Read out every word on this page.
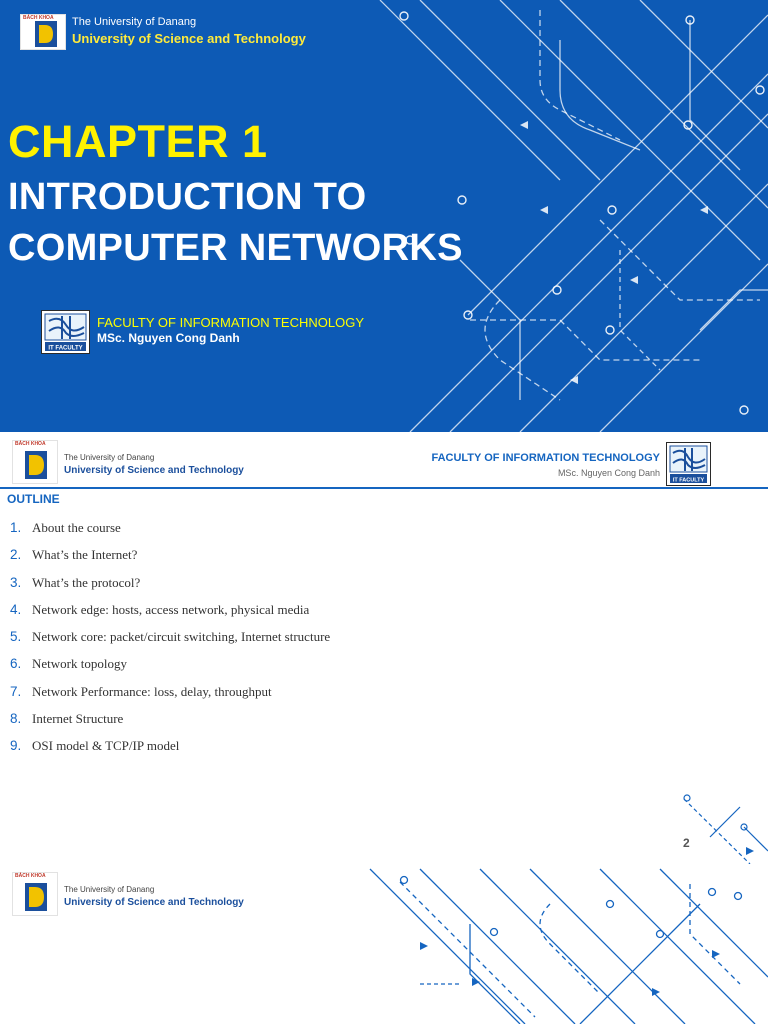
BÁCH KHOA The University of Danang
University of Science and Technology
CHAPTER 1
INTRODUCTION TO
COMPUTER NETWORKS
IT FACULTY
FACULTY OF INFORMATION TECHNOLOGY
MSc. Nguyen Cong Danh
BÁCH KHOA
The University of Danang
University of Science and Technology
FACULTY OF INFORMATION TECHNOLOGY
MSc. Nguyen Cong Danh
IT FACULTY
OUTLINE
1. About the course
2. What’s the Internet?
3. What’s the protocol?
4. Network edge: hosts, access network, physical media
5. Network core: packet/circuit switching, Internet structure
6. Network topology
7. Network Performance: loss, delay, throughput
8. Internet Structure
9. OSI model & TCP/IP model
2
BÁCH KHOA
The University of Danang
University of Science and Technology
